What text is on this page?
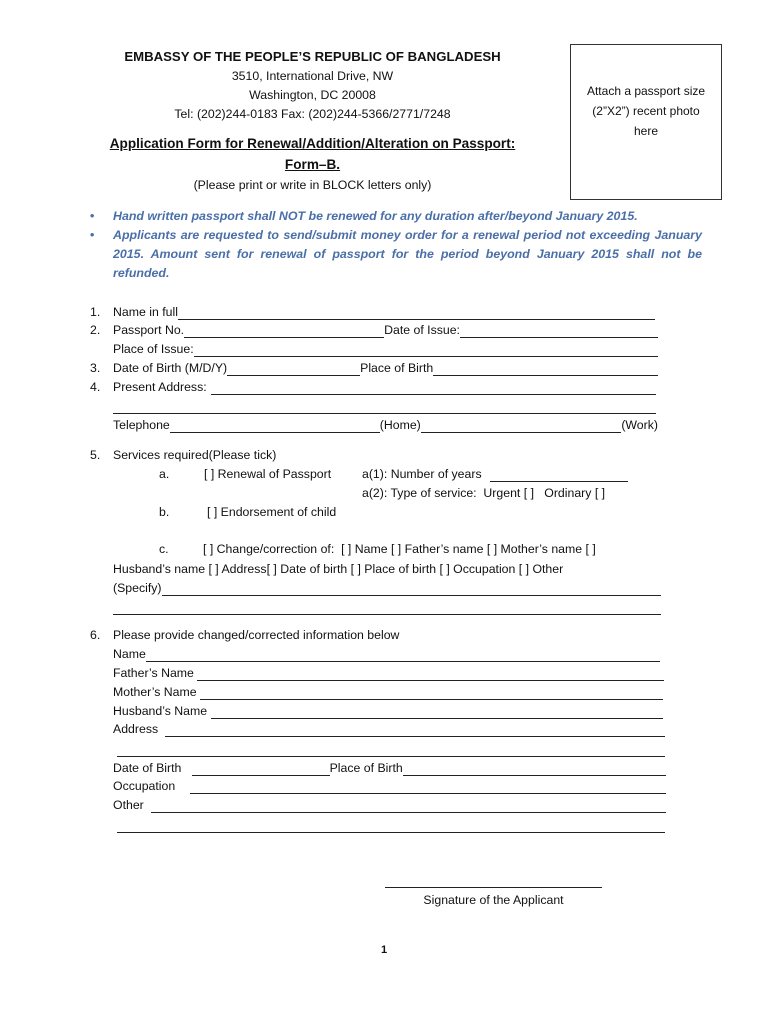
EMBASSY OF THE PEOPLE’S REPUBLIC OF BANGLADESH
3510, International Drive, NW
Washington, DC 20008
Tel: (202)244-0183 Fax: (202)244-5366/2771/7248
Application Form for Renewal/Addition/Alteration on Passport:
Form–B.
(Please print or write in BLOCK letters only)
Attach a passport size
(2”X2”) recent photo
here
• Hand written passport shall NOT be renewed for any duration after/beyond January 2015.
• Applicants are requested to send/submit money order for a renewal period not exceeding January 2015. Amount sent for renewal of passport for the period beyond January 2015 shall not be refunded.
1. Name in full
2. Passport No.	Date of Issue:
Place of Issue:
3. Date of Birth (M/D/Y)	Place of Birth
4. Present Address:
Telephone	(Home)	(Work)
5. Services required(Please tick)
a.	[ ] Renewal of Passport	a(1): Number of years
a(2): Type of service:  Urgent [ ]   Ordinary [ ]
b.	[ ] Endorsement of child
c.	[ ] Change/correction of:  [ ] Name [ ] Father’s name [ ] Mother’s name [ ]
Husband’s name [ ] Address[ ] Date of birth [ ] Place of birth [ ] Occupation [ ] Other
(Specify)
6. Please provide changed/corrected information below
Name
Father’s Name
Mother’s Name
Husband’s Name
Address
Date of Birth	Place of Birth
Occupation
Other
Signature of the Applicant
1
